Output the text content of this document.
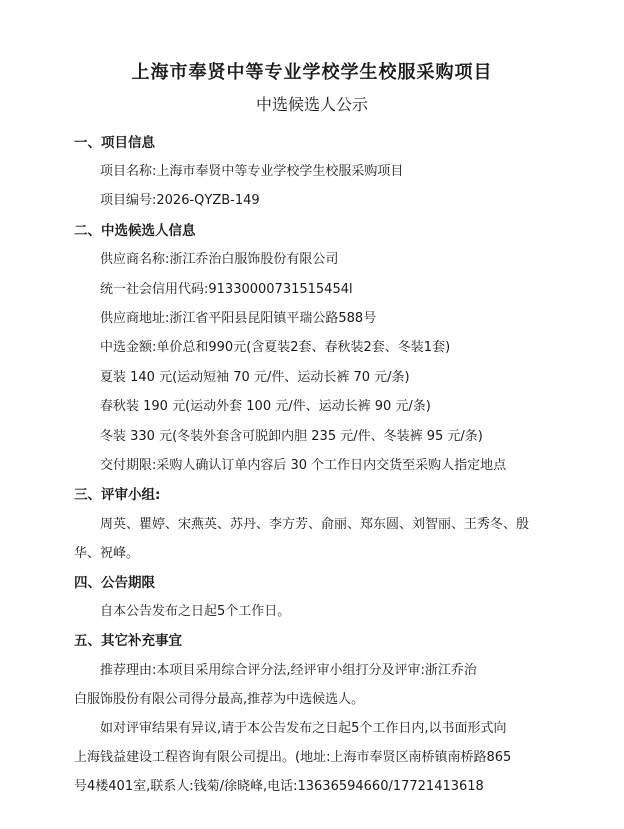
上海市奉贤中等专业学校学生校服采购项目
中选候选人公示
一、项目信息
项目名称:上海市奉贤中等专业学校学生校服采购项目
项目编号:2026-QYZB-149
二、中选候选人信息
供应商名称:浙江乔治白服饰股份有限公司
统一社会信用代码:91330000731515454l
供应商地址:浙江省平阳县昆阳镇平瑞公路588号
中选金额:单价总和990元(含夏装2套、春秋装2套、冬装1套)
夏装 140 元(运动短袖 70 元/件、运动长裤 70 元/条)
春秋装 190 元(运动外套 100 元/件、运动长裤 90 元/条)
冬装 330 元(冬装外套含可脱卸内胆 235 元/件、冬装裤 95 元/条)
交付期限:采购人确认订单内容后 30 个工作日内交货至采购人指定地点
三、评审小组:
周英、瞿婷、宋燕英、苏丹、李方芳、俞丽、郑东圆、刘智丽、王秀冬、殷
华、祝峰。
四、公告期限
自本公告发布之日起5个工作日。
五、其它补充事宜
推荐理由:本项目采用综合评分法,经评审小组打分及评审:浙江乔治
白服饰股份有限公司得分最高,推荐为中选候选人。
如对评审结果有异议,请于本公告发布之日起5个工作日内,以书面形式向
上海钱益建设工程咨询有限公司提出。(地址:上海市奉贤区南桥镇南桥路865
号4楼401室,联系人:钱菊/徐晓峰,电话:13636594660/17721413618
